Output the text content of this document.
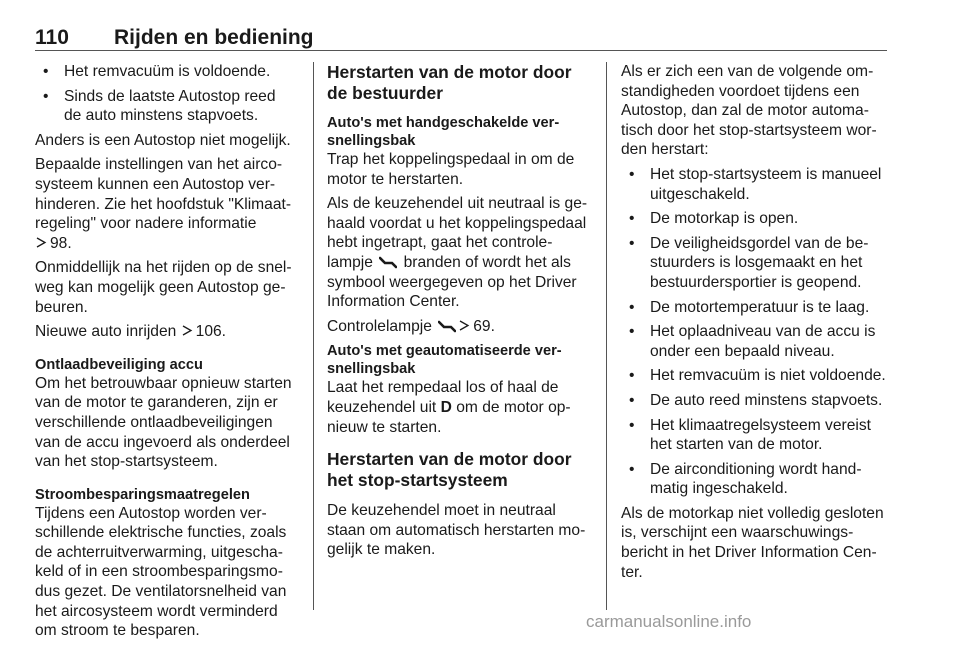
110 Rijden en bediening
• Het remvacuüm is voldoende.
• Sinds de laatste Autostop reed de auto minstens stapvoets.

Anders is een Autostop niet mogelijk.

Bepaalde instellingen van het aircosysteem kunnen een Autostop verhinderen. Zie het hoofdstuk "Klimaatregeling" voor nadere informatie

98.

Onmiddellijk na het rijden op de snelweg kan mogelijk geen Autostop gebeuren.

Nieuwe auto inrijden 106.

Ontlaadbeveiliging accu

Om het betrouwbaar opnieuw starten van de motor te garanderen, zijn er verschillende ontlaadbeveiligingen van de accu ingevoerd als onderdeel van het stop-startsysteem.

Stroombesparingsmaatregelen

Tijdens een Autostop worden verschillende elektrische functies, zoals de achterruitverwarming, uitgeschakeld of in een stroombesparingsmodus gezet. De ventilatorsnelheid van het aircosysteem wordt verminderd om stroom te besparen.

Herstarten van de motor door de bestuurder
Auto's met handgeschakelde versnellingsbak

Trap het koppelingspedaal in om de motor te herstarten.

Als de keuzehendel uit neutraal is gehaald voordat u het koppelingspedaal hebt ingetrapt, gaat het controlelampje branden of wordt het als symbool weergegeven op het Driver Information Center.

Controlelampje	69.

Auto's met geautomatiseerde versnellingsbak

Laat het rempedaal los of haal de keuzehendel uit D om de motor opnieuw te starten.

Herstarten van de motor door het stop-startsysteem

De keuzehendel moet in neutraal staan om automatisch herstarten mogelijk te maken.

Als er zich een van de volgende omstandigheden voordoet tijdens een Autostop, dan zal de motor automatisch door het stop-startsysteem worden herstart:

• Het stop-startsysteem is manueel uitgeschakeld.
• De motorkap is open.
• De veiligheidsgordel van de bestuurders is losgemaakt en het bestuurdersportier is geopend.
• De motortemperatuur is te laag.
• Het oplaadniveau van de accu is onder een bepaald niveau.
• Het remvacuüm is niet voldoende.
• De auto reed minstens stapvoets.
• Het klimaatregelsysteem vereist het starten van de motor.
• De airconditioning wordt handmatig ingeschakeld.

Als de motorkap niet volledig gesloten is, verschijnt een waarschuwingsbericht in het Driver Information Center.

carmanualsonline.info
